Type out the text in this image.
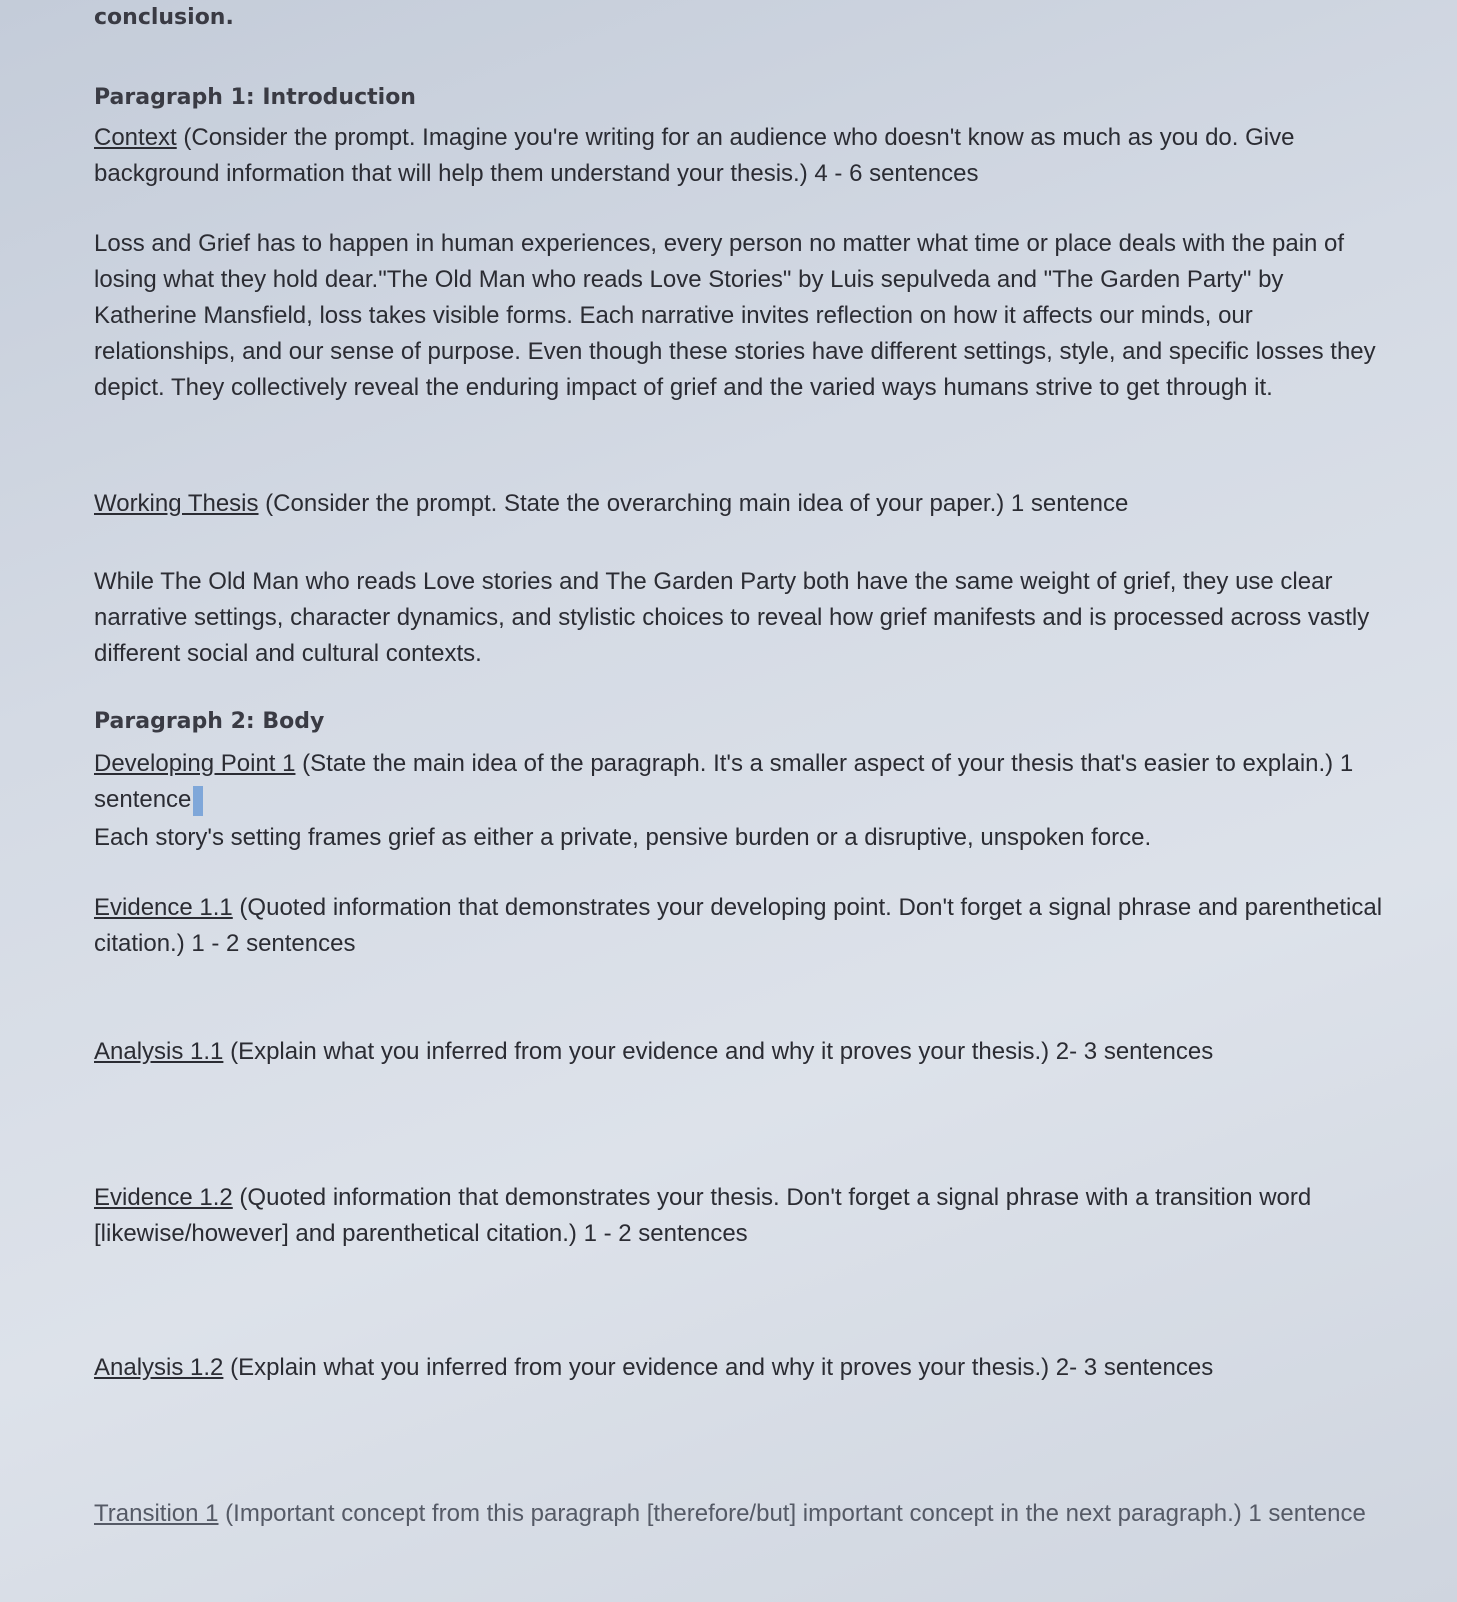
conclusion.
Paragraph 1: Introduction
Context (Consider the prompt. Imagine you're writing for an audience who doesn't know as much as you do. Give background information that will help them understand your thesis.) 4 - 6 sentences
Loss and Grief has to happen in human experiences, every person no matter what time or place deals with the pain of losing what they hold dear."The Old Man who reads Love Stories" by Luis sepulveda and "The Garden Party" by Katherine Mansfield, loss takes visible forms. Each narrative invites reflection on how it affects our minds, our relationships, and our sense of purpose. Even though these stories have different settings, style, and specific losses they depict. They collectively reveal the enduring impact of grief and the varied ways humans strive to get through it.
Working Thesis (Consider the prompt. State the overarching main idea of your paper.) 1 sentence
While The Old Man who reads Love stories and The Garden Party both have the same weight of grief, they use clear narrative settings, character dynamics, and stylistic choices to reveal how grief manifests and is processed across vastly different social and cultural contexts.
Paragraph 2: Body
Developing Point 1 (State the main idea of the paragraph. It's a smaller aspect of your thesis that's easier to explain.) 1 sentence
Each story's setting frames grief as either a private, pensive burden or a disruptive, unspoken force.
Evidence 1.1 (Quoted information that demonstrates your developing point. Don't forget a signal phrase and parenthetical citation.) 1 - 2 sentences
Analysis 1.1 (Explain what you inferred from your evidence and why it proves your thesis.) 2- 3 sentences
Evidence 1.2 (Quoted information that demonstrates your thesis. Don't forget a signal phrase with a transition word [likewise/however] and parenthetical citation.) 1 - 2 sentences
Analysis 1.2 (Explain what you inferred from your evidence and why it proves your thesis.) 2- 3 sentences
Transition 1 (Important concept from this paragraph [therefore/but] important concept in the next paragraph.) 1 sentence
